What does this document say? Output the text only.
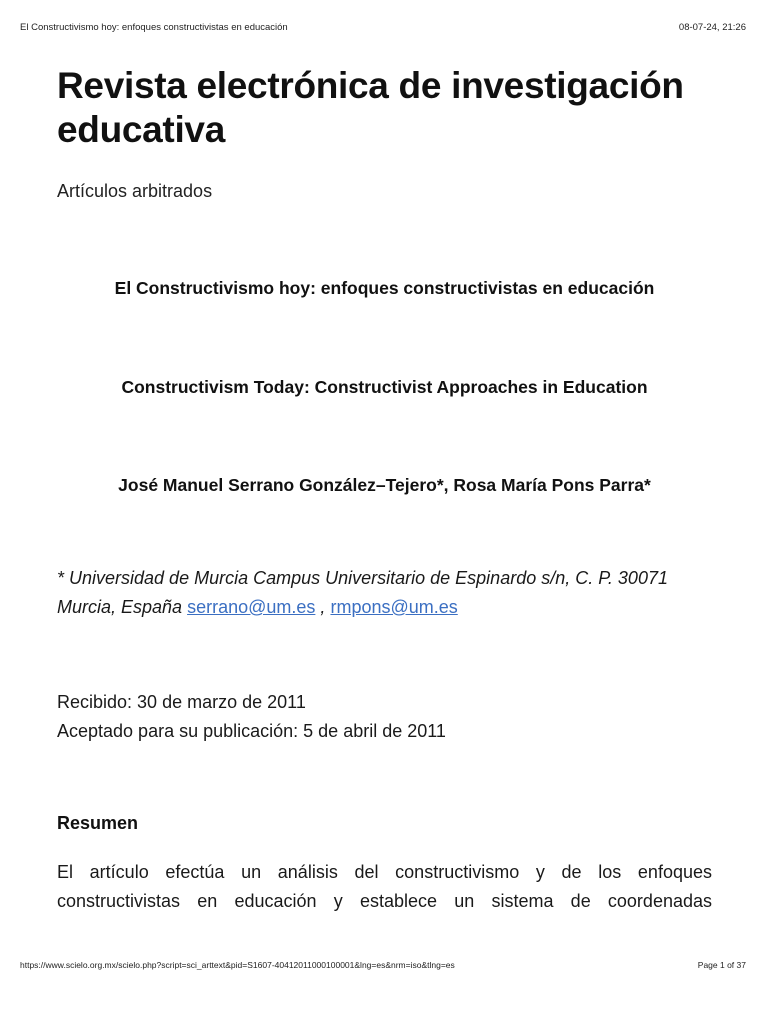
El Constructivismo hoy: enfoques constructivistas en educación	08-07-24, 21:26
Revista electrónica de investigación educativa
Artículos arbitrados
El Constructivismo hoy: enfoques constructivistas en educación
Constructivism Today: Constructivist Approaches in Education
José Manuel Serrano González–Tejero*, Rosa María Pons Parra*
* Universidad de Murcia Campus Universitario de Espinardo s/n, C. P. 30071 Murcia, España serrano@um.es , rmpons@um.es
Recibido: 30 de marzo de 2011
Aceptado para su publicación: 5 de abril de 2011
Resumen

El artículo efectúa un análisis del constructivismo y de los enfoques constructivistas en educación y establece un sistema de coordenadas

https://www.scielo.org.mx/scielo.php?script=sci_arttext&pid=S1607-40412011000100001&lng=es&nrm=iso&tlng=es	Page 1 of 37
